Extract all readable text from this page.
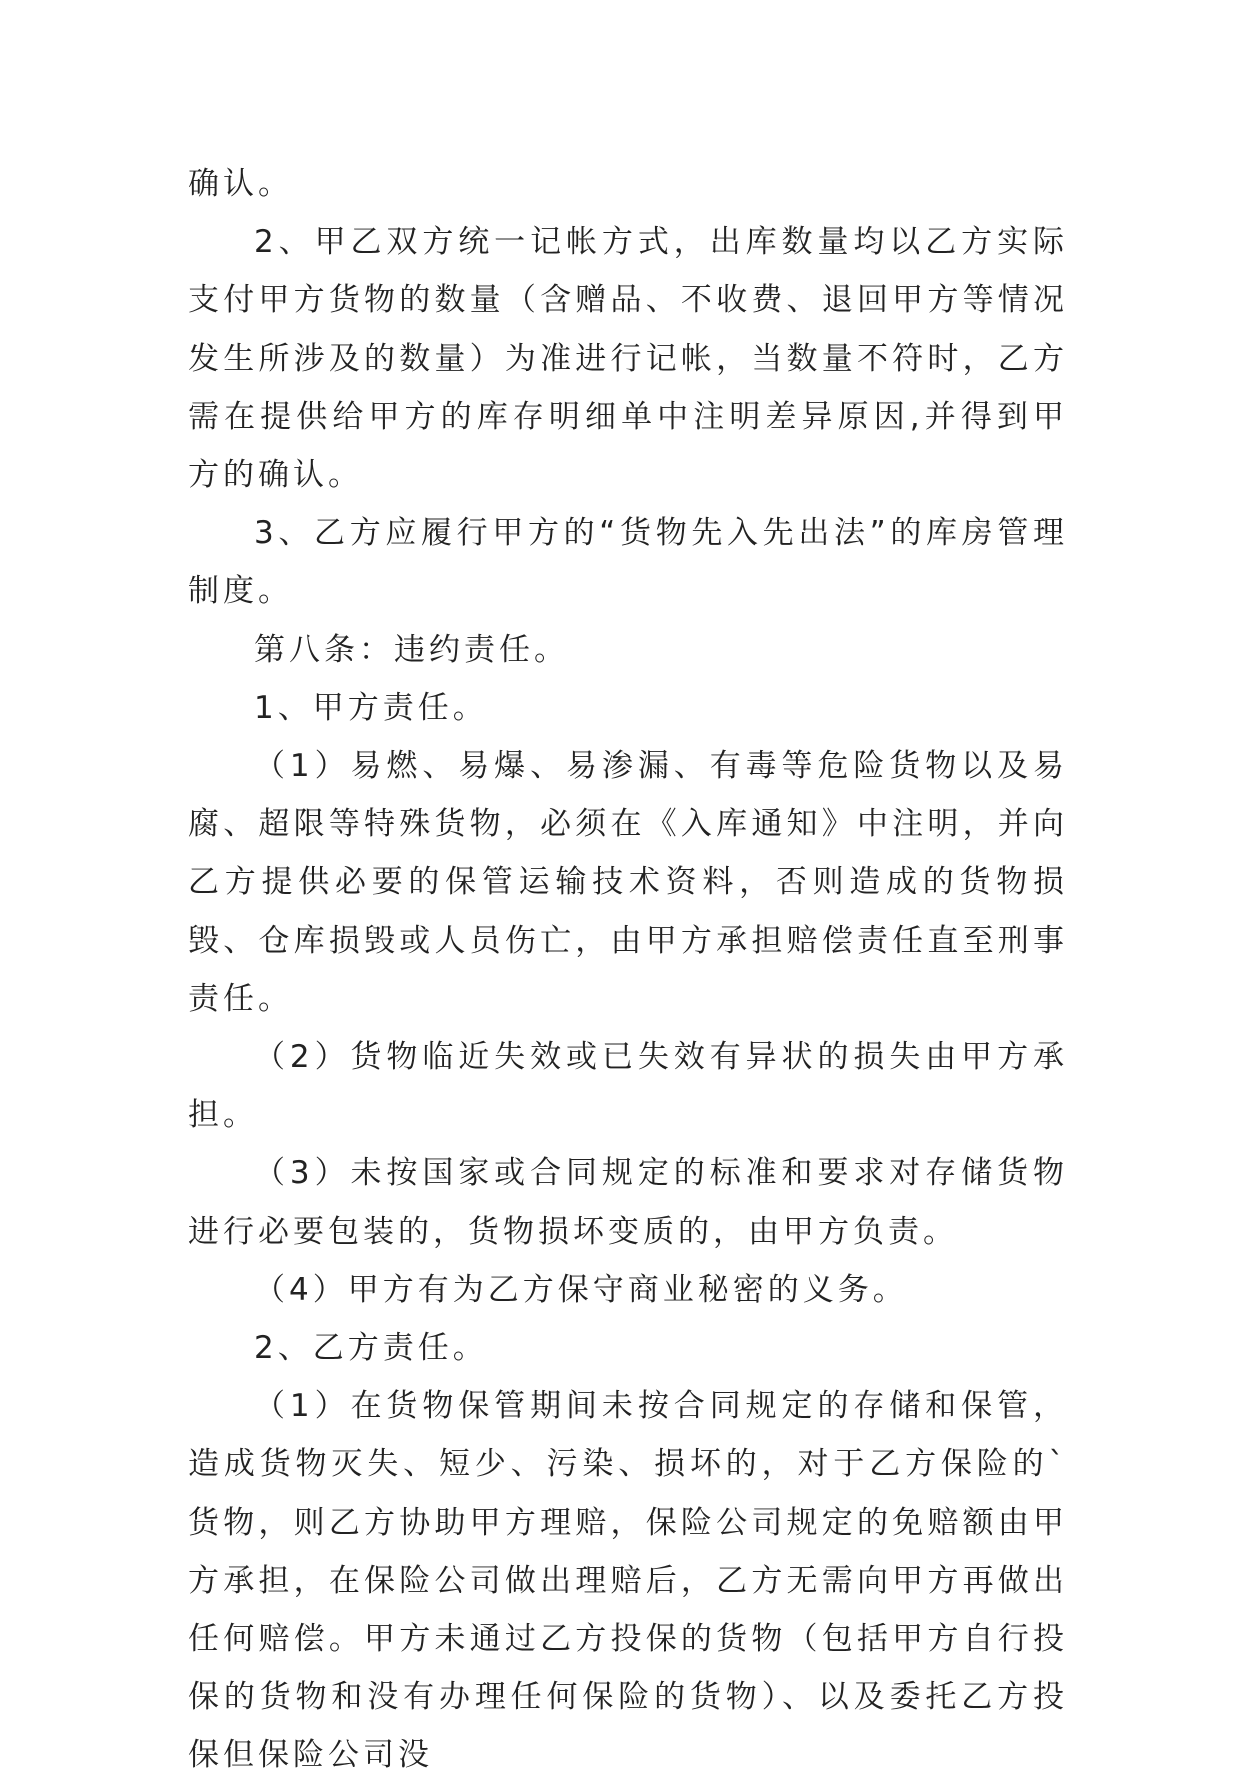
确认。

2、甲乙双方统一记帐方式，出库数量均以乙方实际支付甲方货物的数量（含赠品、不收费、退回甲方等情况发生所涉及的数量）为准进行记帐，当数量不符时，乙方需在提供给甲方的库存明细单中注明差异原因,并得到甲方的确认。

3、乙方应履行甲方的“货物先入先出法”的库房管理制度。

第八条：违约责任。

1、甲方责任。

（1）易燃、易爆、易渗漏、有毒等危险货物以及易腐、超限等特殊货物，必须在《入库通知》中注明，并向乙方提供必要的保管运输技术资料，否则造成的货物损毁、仓库损毁或人员伤亡，由甲方承担赔偿责任直至刑事责任。

（2）货物临近失效或已失效有异状的损失由甲方承担。

（3）未按国家或合同规定的标准和要求对存储货物进行必要包装的，货物损坏变质的，由甲方负责。

（4）甲方有为乙方保守商业秘密的义务。

2、乙方责任。

（1）在货物保管期间未按合同规定的存储和保管，造成货物灭失、短少、污染、损坏的，对于乙方保险的`货物，则乙方协助甲方理赔，保险公司规定的免赔额由甲方承担，在保险公司做出理赔后，乙方无需向甲方再做出任何赔偿。甲方未通过乙方投保的货物（包括甲方自行投保的货物和没有办理任何保险的货物）、以及委托乙方投保但保险公司没
